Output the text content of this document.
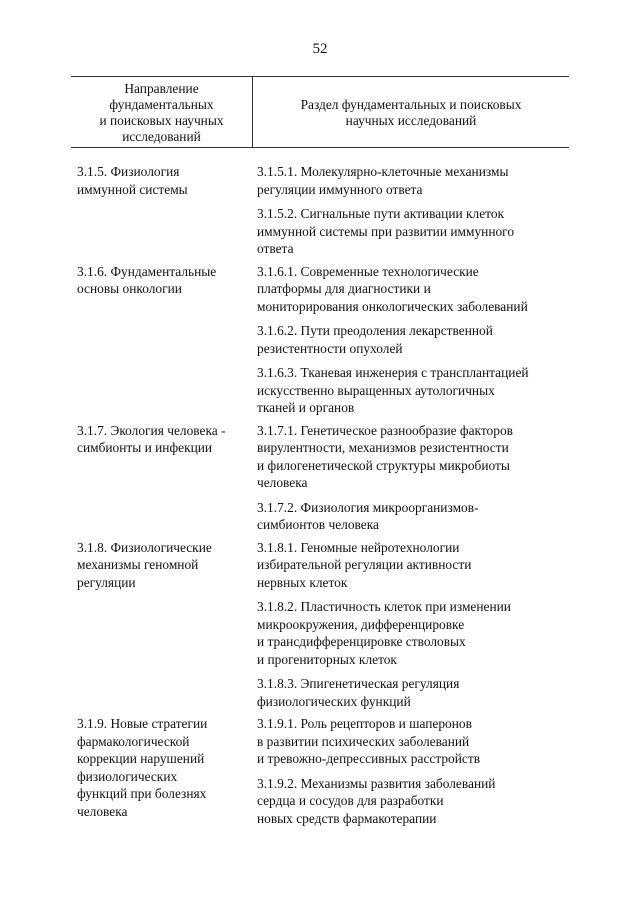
52
Направление
фундаментальных
и поисковых научных
исследований
Раздел фундаментальных и поисковых
научных исследований
3.1.5. Физиология
иммунной системы
3.1.5.1. Молекулярно-клеточные механизмы
регуляции иммунного ответа
3.1.5.2. Сигнальные пути активации клеток
иммунной системы при развитии иммунного
ответа
3.1.6. Фундаментальные
основы онкологии
3.1.6.1. Современные технологические
платформы для диагностики и
мониторирования онкологических заболеваний
3.1.6.2. Пути преодоления лекарственной
резистентности опухолей
3.1.6.3. Тканевая инженерия с трансплантацией
искусственно выращенных аутологичных
тканей и органов
3.1.7. Экология человека -
симбионты и инфекции
3.1.7.1. Генетическое разнообразие факторов
вирулентности, механизмов резистентности
и филогенетической структуры микробиоты
человека
3.1.7.2. Физиология микроорганизмов-
симбионтов человека
3.1.8. Физиологические
механизмы геномной
регуляции
3.1.8.1. Геномные нейротехнологии
избирательной регуляции активности
нервных клеток
3.1.8.2. Пластичность клеток при изменении
микроокружения, дифференцировке
и трансдифференцировке стволовых
и прогениторных клеток
3.1.8.3. Эпигенетическая регуляция
физиологических функций
3.1.9. Новые стратегии
фармакологической
коррекции нарушений
физиологических
функций при болезнях
человека
3.1.9.1. Роль рецепторов и шаперонов
в развитии психических заболеваний
и тревожно-депрессивных расстройств
3.1.9.2. Механизмы развития заболеваний
сердца и сосудов для разработки
новых средств фармакотерапии
